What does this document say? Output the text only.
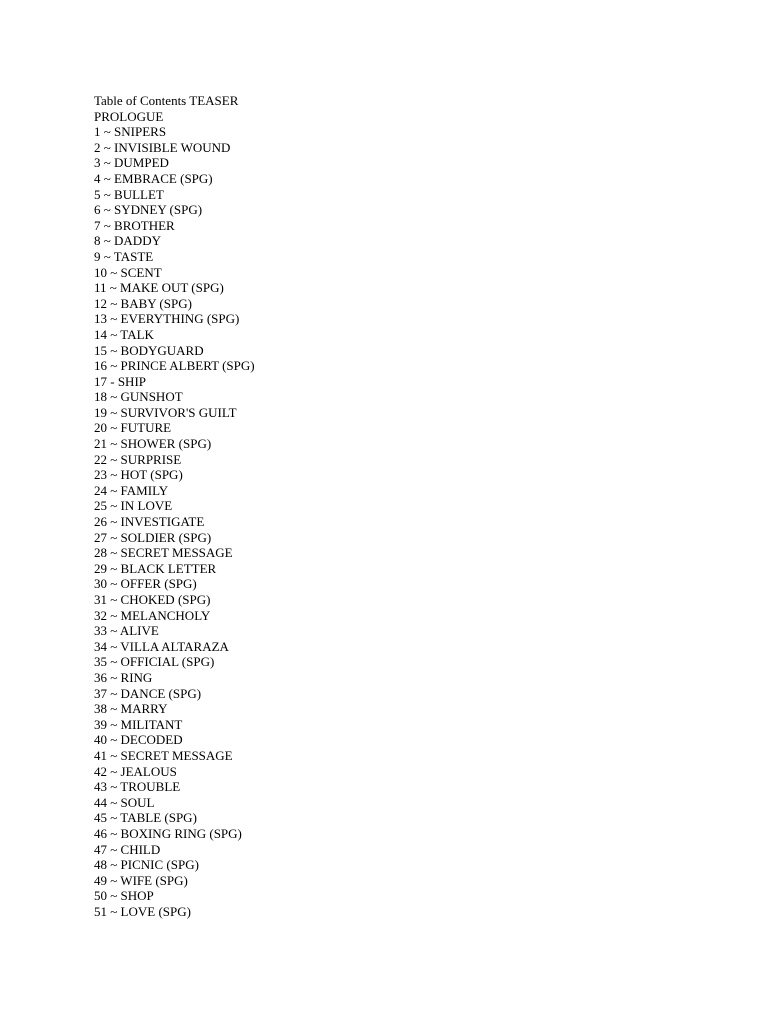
Table of Contents TEASER
PROLOGUE
1 ~ SNIPERS
2 ~ INVISIBLE WOUND
3 ~ DUMPED
4 ~ EMBRACE (SPG)
5 ~ BULLET
6 ~ SYDNEY (SPG)
7 ~ BROTHER
8 ~ DADDY
9 ~ TASTE
10 ~ SCENT
11 ~ MAKE OUT (SPG)
12 ~ BABY (SPG)
13 ~ EVERYTHING (SPG)
14 ~ TALK
15 ~ BODYGUARD
16 ~ PRINCE ALBERT (SPG)
17 - SHIP
18 ~ GUNSHOT
19 ~ SURVIVOR'S GUILT
20 ~ FUTURE
21 ~ SHOWER (SPG)
22 ~ SURPRISE
23 ~ HOT (SPG)
24 ~ FAMILY
25 ~ IN LOVE
26 ~ INVESTIGATE
27 ~ SOLDIER (SPG)
28 ~ SECRET MESSAGE
29 ~ BLACK LETTER
30 ~ OFFER (SPG)
31 ~ CHOKED (SPG)
32 ~ MELANCHOLY
33 ~ ALIVE
34 ~ VILLA ALTARAZA
35 ~ OFFICIAL (SPG)
36 ~ RING
37 ~ DANCE (SPG)
38 ~ MARRY
39 ~ MILITANT
40 ~ DECODED
41 ~ SECRET MESSAGE
42 ~ JEALOUS
43 ~ TROUBLE
44 ~ SOUL
45 ~ TABLE (SPG)
46 ~ BOXING RING (SPG)
47 ~ CHILD
48 ~ PICNIC (SPG)
49 ~ WIFE (SPG)
50 ~ SHOP
51 ~ LOVE (SPG)
